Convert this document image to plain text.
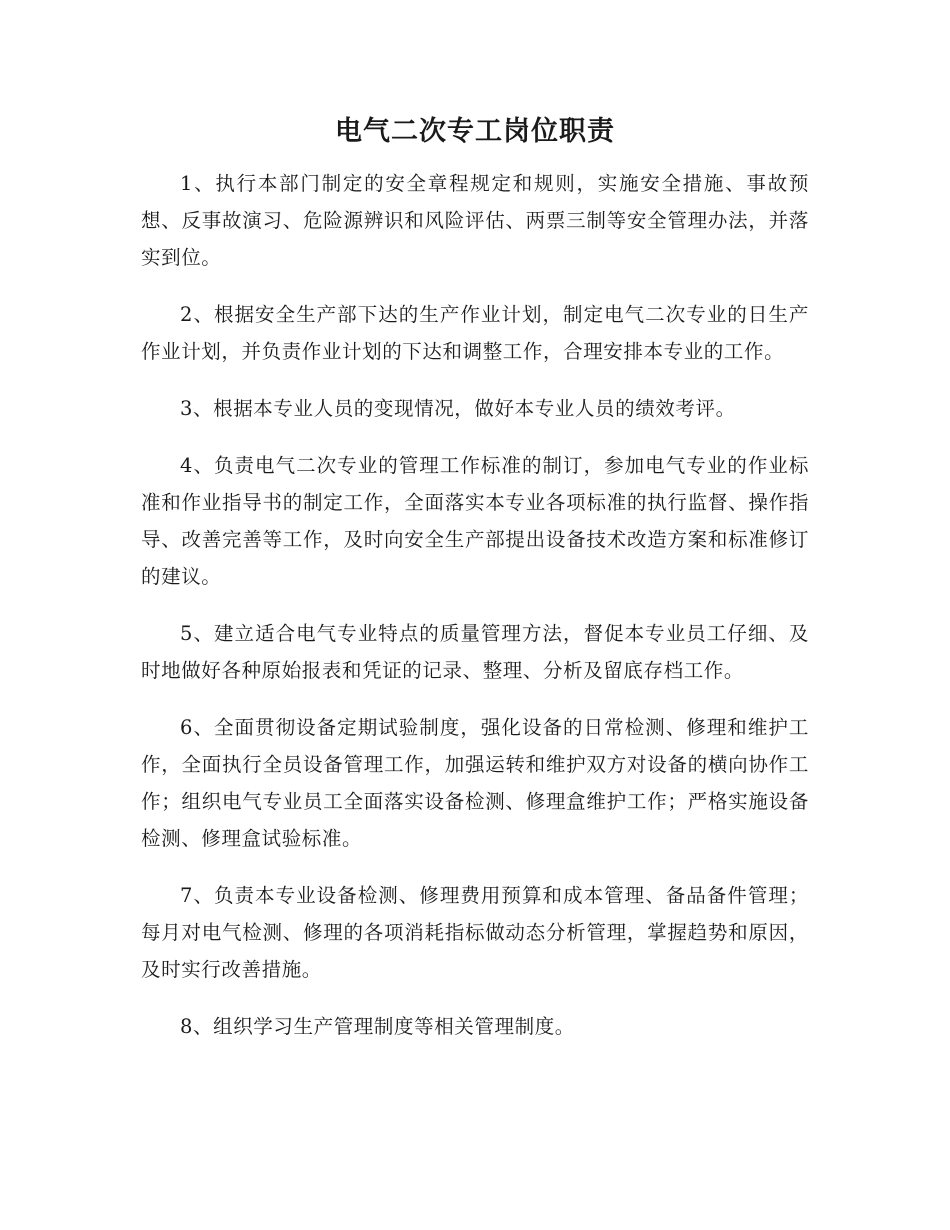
电气二次专工岗位职责

1、执行本部门制定的安全章程规定和规则，实施安全措施、事故预想、反事故演习、危险源辨识和风险评估、两票三制等安全管理办法，并落实到位。

2、根据安全生产部下达的生产作业计划，制定电气二次专业的日生产作业计划，并负责作业计划的下达和调整工作，合理安排本专业的工作。

3、根据本专业人员的变现情况，做好本专业人员的绩效考评。

4、负责电气二次专业的管理工作标准的制订，参加电气专业的作业标准和作业指导书的制定工作，全面落实本专业各项标准的执行监督、操作指导、改善完善等工作，及时向安全生产部提出设备技术改造方案和标准修订的建议。

5、建立适合电气专业特点的质量管理方法，督促本专业员工仔细、及时地做好各种原始报表和凭证的记录、整理、分析及留底存档工作。

6、全面贯彻设备定期试验制度，强化设备的日常检测、修理和维护工作，全面执行全员设备管理工作，加强运转和维护双方对设备的横向协作工作；组织电气专业员工全面落实设备检测、修理盒维护工作；严格实施设备检测、修理盒试验标准。

7、负责本专业设备检测、修理费用预算和成本管理、备品备件管理；每月对电气检测、修理的各项消耗指标做动态分析管理，掌握趋势和原因，及时实行改善措施。

8、组织学习生产管理制度等相关管理制度。
